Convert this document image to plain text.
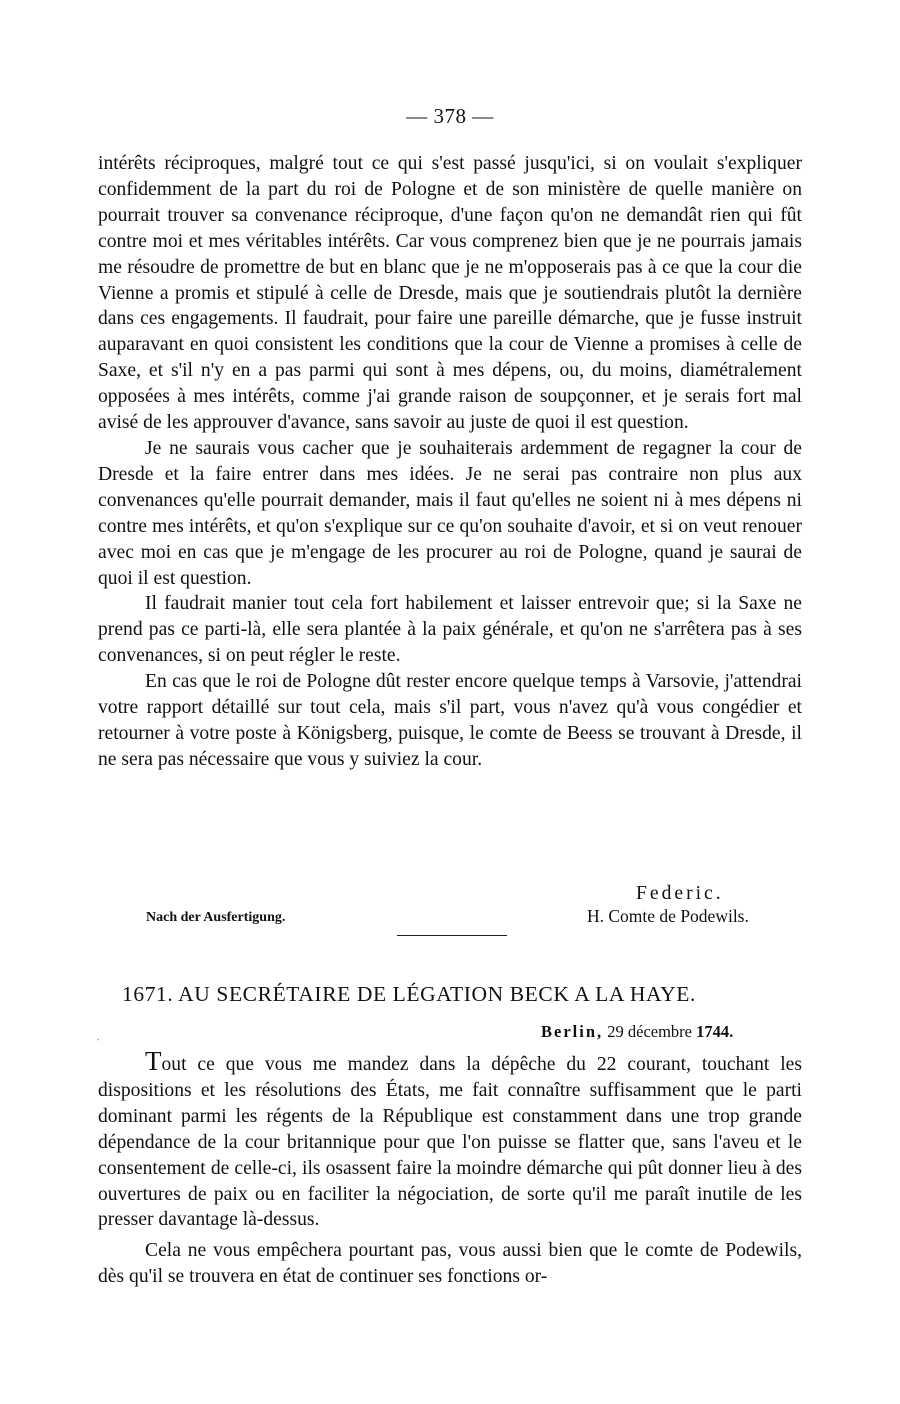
— 378 —

intérêts réciproques, malgré tout ce qui s'est passé jusqu'ici, si on voulait s'expliquer confidemment de la part du roi de Pologne et de son ministère de quelle manière on pourrait trouver sa convenance réciproque, d'une façon qu'on ne demandât rien qui fût contre moi et mes véritables intérêts. Car vous comprenez bien que je ne pourrais jamais me résoudre de promettre de but en blanc que je ne m'opposerais pas à ce que la cour die Vienne a promis et stipulé à celle de Dresde, mais que je soutiendrais plutôt la dernière dans ces engagements. Il faudrait, pour faire une pareille démarche, que je fusse instruit auparavant en quoi consistent les conditions que la cour de Vienne a promises à celle de Saxe, et s'il n'y en a pas parmi qui sont à mes dépens, ou, du moins, diamétralement opposées à mes intérêts, comme j'ai grande raison de soupçonner, et je serais fort mal avisé de les approuver d'avance, sans savoir au juste de quoi il est question.

Je ne saurais vous cacher que je souhaiterais ardemment de regagner la cour de Dresde et la faire entrer dans mes idées. Je ne serai pas contraire non plus aux convenances qu'elle pourrait demander, mais il faut qu'elles ne soient ni à mes dépens ni contre mes intérêts, et qu'on s'explique sur ce qu'on souhaite d'avoir, et si on veut renouer avec moi en cas que je m'engage de les procurer au roi de Pologne, quand je saurai de quoi il est question.

Il faudrait manier tout cela fort habilement et laisser entrevoir que; si la Saxe ne prend pas ce parti-là, elle sera plantée à la paix générale, et qu'on ne s'arrêtera pas à ses convenances, si on peut régler le reste.

En cas que le roi de Pologne dût rester encore quelque temps à Varsovie, j'attendrai votre rapport détaillé sur tout cela, mais s'il part, vous n'avez qu'à vous congédier et retourner à votre poste à Königsberg, puisque, le comte de Beess se trouvant à Dresde, il ne sera pas nécessaire que vous y suiviez la cour.

Federic.
Nach der Ausfertigung.	H. Comte de Podewils.
1671. AU SECRÉTAIRE DE LÉGATION BECK A LA HAYE.
´
Berlin, 29 décembre 1744.

Tout ce que vous me mandez dans la dépêche du 22 courant, touchant les dispositions et les résolutions des États, me fait connaître suffisamment que le parti dominant parmi les régents de la République est constamment dans une trop grande dépendance de la cour britannique pour que l'on puisse se flatter que, sans l'aveu et le consentement de celle-ci, ils osassent faire la moindre démarche qui pût donner lieu à des ouvertures de paix ou en faciliter la négociation, de sorte qu'il me paraît inutile de les presser davantage là-dessus.

Cela ne vous empêchera pourtant pas, vous aussi bien que le comte de Podewils, dès qu'il se trouvera en état de continuer ses fonctions or-
